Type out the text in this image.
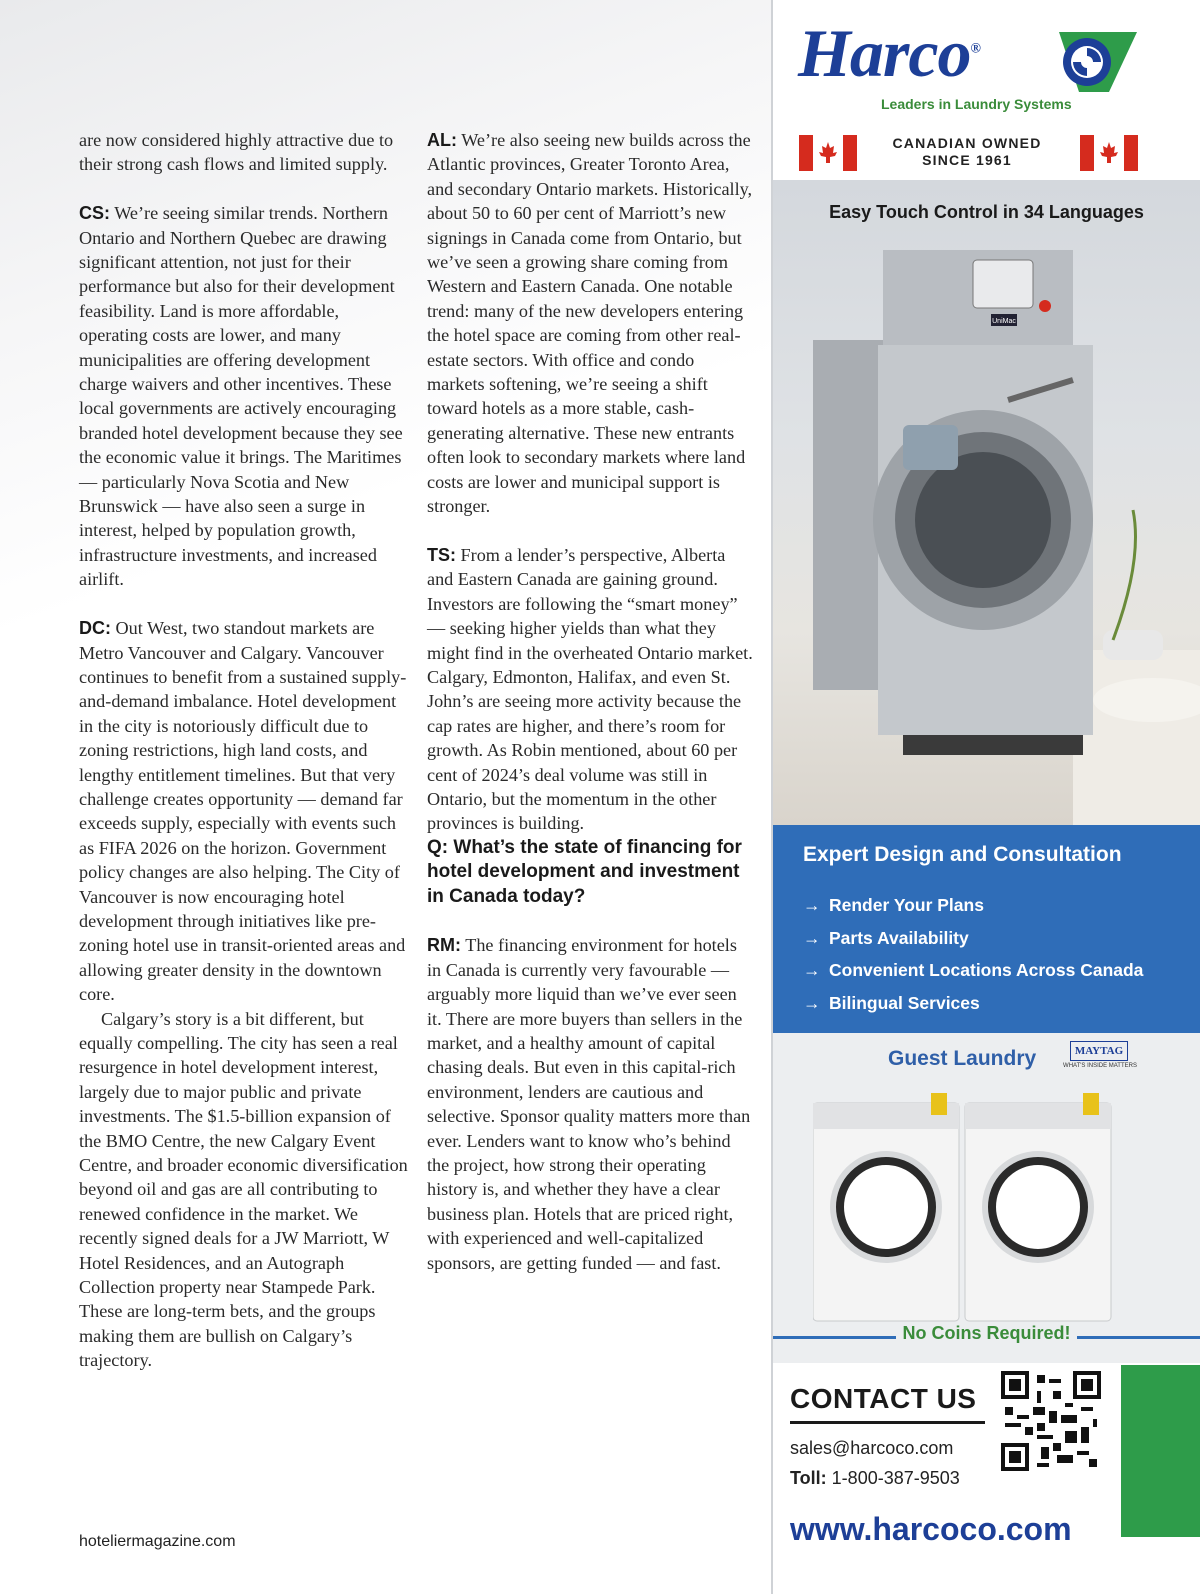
are now considered highly attractive due to their strong cash flows and limited supply.

CS: We’re seeing similar trends. Northern Ontario and Northern Quebec are drawing significant attention, not just for their performance but also for their development feasibility. Land is more affordable, operating costs are lower, and many municipalities are offering development charge waivers and other incentives. These local governments are actively encouraging branded hotel development because they see the economic value it brings. The Maritimes — particularly Nova Scotia and New Brunswick — have also seen a surge in interest, helped by population growth, infrastructure investments, and increased airlift.

DC: Out West, two standout markets are Metro Vancouver and Calgary. Vancouver continues to benefit from a sustained supply-and-demand imbalance. Hotel development in the city is notoriously difficult due to zoning restrictions, high land costs, and lengthy entitlement timelines. But that very challenge creates opportunity — demand far exceeds supply, especially with events such as FIFA 2026 on the horizon. Government policy changes are also helping. The City of Vancouver is now encouraging hotel development through initiatives like pre-zoning hotel use in transit-oriented areas and allowing greater density in the downtown core.

Calgary’s story is a bit different, but equally compelling. The city has seen a real resurgence in hotel development interest, largely due to major public and private investments. The $1.5-billion expansion of the BMO Centre, the new Calgary Event Centre, and broader economic diversification beyond oil and gas are all contributing to renewed confidence in the market. We recently signed deals for a JW Marriott, W Hotel Residences, and an Autograph Collection property near Stampede Park. These are long-term bets, and the groups making them are bullish on Calgary’s trajectory.

AL: We’re also seeing new builds across the Atlantic provinces, Greater Toronto Area, and secondary Ontario markets. Historically, about 50 to 60 per cent of Marriott’s new signings in Canada come from Ontario, but we’ve seen a growing share coming from Western and Eastern Canada. One notable trend: many of the new developers entering the hotel space are coming from other real-estate sectors. With office and condo markets softening, we’re seeing a shift toward hotels as a more stable, cash-generating alternative. These new entrants often look to secondary markets where land costs are lower and municipal support is stronger.

TS: From a lender’s perspective, Alberta and Eastern Canada are gaining ground. Investors are following the “smart money” — seeking higher yields than what they might find in the overheated Ontario market. Calgary, Edmonton, Halifax, and even St. John’s are seeing more activity because the cap rates are higher, and there’s room for growth. As Robin mentioned, about 60 per cent of 2024’s deal volume was still in Ontario, but the momentum in the other provinces is building.

Q: What’s the state of financing for hotel development and investment in Canada today?

RM: The financing environment for hotels in Canada is currently very favourable — arguably more liquid than we’ve ever seen it. There are more buyers than sellers in the market, and a healthy amount of capital chasing deals. But even in this capital-rich environment, lenders are cautious and selective. Sponsor quality matters more than ever. Lenders want to know who’s behind the project, how strong their operating history is, and whether they have a clear business plan. Hotels that are priced right, with experienced and well-capitalized sponsors, are getting funded — and fast.

hoteliermagazine.com
Harco®
Leaders in Laundry Systems
CANADIAN OWNED
SINCE 1961
UniMac
Easy Touch Control in 34 Languages
Expert Design and Consultation
→ Render Your Plans
→ Parts Availability
→ Convenient Locations Across Canada
→ Bilingual Services
Guest Laundry	MAYTAG
WHAT'S INSIDE MATTERS
No Coins Required!
CONTACT US
sales@harcoco.com
Toll: 1-800-387-9503
www.harcoco.com
